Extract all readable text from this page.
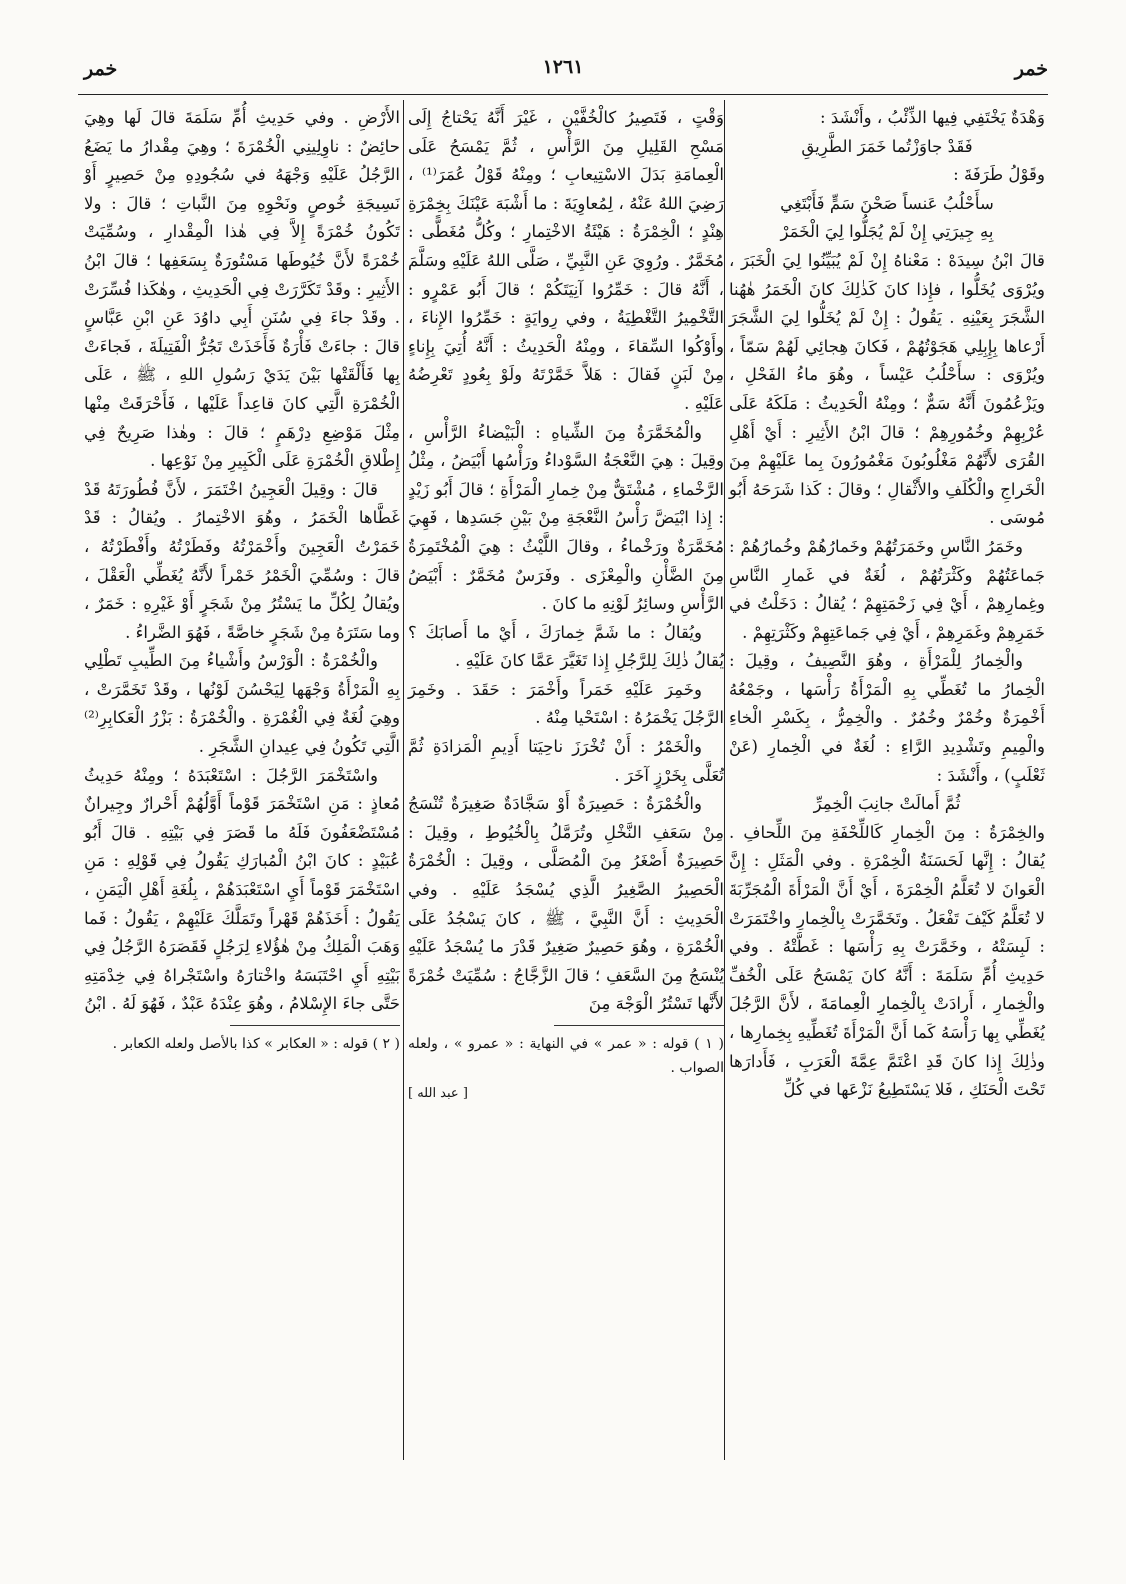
خمر
١٢٦١
خمر

وَهْدَةٌ يَخْتَفِي فِيها الذِّئْبُ ، وأَنْشَدَ :

فَقَدْ جاوَزْتُما خَمَرَ الطَّرِيقِ

وقَوْلُ طَرَفَةَ :

سأَحْلُبُ عَنساً صَحْنَ سَمٍّ فَأَبْتَغِي

بِهِ جِيرَتِي إِنْ لَمْ يُجَلُّوا لِيَ الْخَمَرْ

قالَ ابْنُ سِيدَهْ : مَعْناهُ إِنْ لَمْ يُبَيِّنُوا لِيَ الْخَبَرَ ، ويُرْوَى يُخَلُّوا ، فإِذا كانَ كَذٰلِكَ كانَ الْخَمَرُ هٰهُنا الشَّجَرَ بِعَيْنِهِ . يَقُولُ : إِنْ لَمْ يُخَلُّوا لِيَ الشَّجَرَ أَرْعاها بِإِبِلِي هَجَوْتُهُمْ ، فَكانَ هِجائِي لَهُمْ سَمّاً ، ويُرْوَى : سأَحْلُبُ عَيْساً ، وهُوَ ماءُ الفَحْلِ ، ويَزْعُمُونَ أَنَّهُ سَمٌّ ؛ ومِنْهُ الْحَدِيثُ : مَلَكَهُ عَلَى عُرْبِهِمْ وخُمُورِهِمْ ؛ قالَ ابْنُ الأَثِيرِ : أَيْ أَهْلِ القُرَى لأَنَّهُمْ مَغْلُوبُونَ مَغْمُورُونَ بِما عَلَيْهِمْ مِنَ الْخَراجِ والْكُلَفِ والأَثْقالِ ؛ وقالَ : كَذا شَرَحَهُ أَبُو مُوسَى .

وخَمَرُ النَّاسِ وخَمَرَتُهُمْ وخَمارُهُمْ وخُمارُهُمْ : جَماعَتُهُمْ وكَثْرَتُهُمْ ، لُغَةٌ في غَمارِ النَّاسِ وغِمارِهِمْ ، أَيْ فِي زَحْمَتِهِمْ ؛ يُقالُ : دَخَلْتُ في خَمَرِهِمْ وغَمَرِهِمْ ، أَيْ فِي جَماعَتِهِمْ وكَثْرَتِهِمْ .

والْخِمارُ لِلْمَرْأَةِ ، وهُوَ النَّصِيفُ ، وقِيلَ : الْخِمارُ ما تُغَطِّي بِهِ الْمَرْأَةُ رَأْسَها ، وجَمْعُهُ أَخْمِرَةٌ وخُمْرٌ وخُمُرٌ . والْخِمِرُّ ، بِكَسْرِ الْخاءِ والْمِيمِ وتَشْدِيدِ الرَّاءِ : لُغَةٌ في الْخِمارِ (عَنْ ثَعْلَبٍ) ، وأَنْشَدَ :

ثُمَّ أَمالَتْ جانِبَ الْخِمِرِّ

والخِمْرَةُ : مِنَ الْخِمارِ كَاللِّحْفَةِ مِنَ اللِّحافِ . يُقالُ : إِنَّها لَحَسَنَةُ الْخِمْرَةِ . وفي الْمَثَلِ : إِنَّ الْعَوانَ لا تُعَلَّمُ الْخِمْرَةَ ، أَيْ أَنَّ الْمَرْأَةَ الْمُجَرِّبَةَ لا تُعَلَّمُ كَيْفَ تَفْعَلُ . وتَخَمَّرَتْ بِالْخِمارِ واخْتَمَرَتْ : لَبِسَتْهُ ، وخَمَّرَتْ بِهِ رَأْسَها : غَطَّتْهُ . وفي حَدِيثِ أُمِّ سَلَمَةَ : أَنَّهُ كانَ يَمْسَحُ عَلَى الْخُفِّ والْخِمارِ ، أَرادَتْ بِالْخِمارِ الْعِمامَةَ ، لأَنَّ الرَّجُلَ يُغَطِّي بِها رَأْسَهُ كَما أَنَّ الْمَرْأَةَ تُغَطِّيهِ بِخِمارِها ، وذٰلِكَ إِذا كانَ قَدِ اعْتَمَّ عِمَّةَ الْعَرَبِ ، فَأَدارَها تَحْتَ الْحَنَكِ ، فَلا يَسْتَطِيعُ نَزْعَها في كُلِّ

وَقْتٍ ، فَتَصِيرُ كالْخُفَّيْنِ ، غَيْرَ أَنَّهُ يَحْتاجُ إِلَى مَسْحِ القَلِيلِ مِنَ الرَّأْسِ ، ثُمَّ يَمْسَحُ عَلَى الْعِمامَةِ بَدَلَ الاسْتِيعابِ ؛ ومِنْهُ قَوْلُ عُمَرَ⁽¹⁾ ، رَضِيَ اللهُ عَنْهُ ، لِمُعاوِيَةَ : ما أَشْبَهَ عَيْنَكَ بِخِمْرَةِ هِنْدٍ ؛ الْخِمْرَةُ : هَيْئَةُ الاخْتِمارِ ؛ وكُلُّ مُغَطًّى : مُخَمَّرٌ . ورُوِيَ عَنِ النَّبِيِّ ، صَلَّى اللهُ عَلَيْهِ وسَلَّمَ ، أَنَّهُ قالَ : خَمِّرُوا آنِيَتَكُمْ ؛ قالَ أَبُو عَمْرٍو : التَّخْمِيرُ التَّغْطِيَةُ ، وفي رِوايَةٍ : خَمِّرُوا الإِناءَ ، وأَوْكُوا السِّقاءَ ، ومِنْهُ الْحَدِيثُ : أَنَّهُ أُتِيَ بِإِناءٍ مِنْ لَبَنٍ فَقالَ : هَلاَّ خَمَّرْتَهُ ولَوْ بِعُودٍ تَعْرِضُهُ عَلَيْهِ .

والْمُخَمَّرَةُ مِنَ الشِّياهِ : الْبَيْضاءُ الرَّأْسِ ، وقِيلَ : هِيَ النَّعْجَةُ السَّوْداءُ ورَأْسُها أَبْيَضُ ، مِثْلُ الرَّخْماءِ ، مُشْتَقٌّ مِنْ خِمارِ الْمَرْأَةِ ؛ قالَ أَبُو زَيْدٍ : إِذا ابْيَضَّ رَأْسُ النَّعْجَةِ مِنْ بَيْنِ جَسَدِها ، فَهِيَ مُخَمَّرَةٌ ورَخْماءُ ، وقالَ اللَّيْثُ : هِيَ الْمُخْتَمِرَةُ مِنَ الضَّأْنِ والْمِعْزَى . وفَرَسٌ مُخَمَّرٌ : أَبْيَضُ الرَّأْسِ وسائِرُ لَوْنِهِ ما كانَ .

ويُقالُ : ما شَمَّ خِمارَكَ ، أَيْ ما أَصابَكَ ؟ يُقالُ ذٰلِكَ لِلرَّجُلِ إِذا تَغَيَّرَ عَمَّا كانَ عَلَيْهِ .

وخَمِرَ عَلَيْهِ خَمَراً وأَخْمَرَ : حَقَدَ . وخَمِرَ الرَّجُلَ يَخْمَرُهُ : اسْتَحْيا مِنْهُ .

والْخَمْرُ : أَنْ تُخْرَزَ ناحِيَتا أَدِيمِ الْمَزادَةِ ثُمَّ تُعَلَّى بِخَرْزٍ آخَرَ .

والْخُمْرَةُ : حَصِيرَةٌ أَوْ سَجَّادَةٌ صَغِيرَةٌ تُنْسَجُ مِنْ سَعَفِ النَّخْلِ وتُرَمَّلُ بِالْخُيُوطِ ، وقِيلَ : حَصِيرَةٌ أَصْغَرُ مِنَ الْمُصَلَّى ، وقِيلَ : الْخُمْرَةُ الْحَصِيرُ الصَّغِيرُ الَّذِي يُسْجَدُ عَلَيْهِ . وفي الْحَدِيثِ : أَنَّ النَّبِيَّ ، ﷺ ، كانَ يَسْجُدُ عَلَى الْخُمْرَةِ ، وهُوَ حَصِيرٌ صَغِيرٌ قَدْرَ ما يُسْجَدُ عَلَيْهِ يُنْسَجُ مِنَ السَّعَفِ ؛ قالَ الزَّجَّاجُ : سُمِّيَتْ خُمْرَةً لأَنَّها تَسْتُرُ الْوَجْهَ مِنَ

( ١ ) قوله : « عمر » في النهاية : « عمرو » ، ولعله الصواب .

[ عبد الله ]

الأَرْضِ . وفي حَدِيثِ أُمِّ سَلَمَةَ قالَ لَها وهِيَ حائِضٌ : ناوِلِينِي الْخُمْرَةَ ؛ وهِيَ مِقْدارُ ما يَضَعُ الرَّجُلُ عَلَيْهِ وَجْهَهُ في سُجُودِهِ مِنْ حَصِيرٍ أَوْ نَسِيجَةِ خُوصٍ ونَحْوِهِ مِنَ النَّباتِ ؛ قالَ : ولا تَكُونُ خُمْرَةً إِلاَّ فِي هٰذا الْمِقْدارِ ، وسُمِّيَتْ خُمْرَةً لأَنَّ خُيُوطَها مَسْتُورَةٌ بِسَعَفِها ؛ قالَ ابْنُ الأَثِيرِ : وقَدْ تَكَرَّرَتْ فِي الْحَدِيثِ ، وهٰكَذا فُسِّرَتْ . وقَدْ جاءَ فِي سُنَنِ أَبِي داوُدَ عَنِ ابْنِ عَبَّاسٍ قالَ : جاءَتْ فَأْرَةٌ فَأَخَذَتْ تَجُرُّ الْفَتِيلَةَ ، فَجاءَتْ بِها فَأَلْقَتْها بَيْنَ يَدَيْ رَسُولِ اللهِ ، ﷺ ، عَلَى الْخُمْرَةِ الَّتِي كانَ قاعِداً عَلَيْها ، فَأَحْرَقَتْ مِنْها مِثْلَ مَوْضِعِ دِرْهَمٍ ؛ قالَ : وهٰذا صَرِيحٌ فِي إِطْلاقِ الْخُمْرَةِ عَلَى الْكَبِيرِ مِنْ نَوْعِها .

قالَ : وقِيلَ الْعَجِينُ اخْتَمَرَ ، لأَنَّ فُطُورَتَهُ قَدْ غَطَّاها الْخَمَرُ ، وهُوَ الاخْتِمارُ . ويُقالُ : قَدْ خَمَرْتُ الْعَجِينَ وأَخْمَرْتُهُ وفَطَرْتُهُ وأَفْطَرْتُهُ ، قالَ : وسُمِّيَ الْخَمْرُ خَمْراً لأَنَّهُ يُغَطِّي الْعَقْلَ ، ويُقالُ لِكُلِّ ما يَسْتُرُ مِنْ شَجَرٍ أَوْ غَيْرِهِ : خَمَرٌ ، وما سَتَرَهُ مِنْ شَجَرٍ خاصَّةً ، فَهُوَ الضَّراءُ .

والْخُمْرَةُ : الْوَرْسُ وأَشْياءُ مِنَ الطِّيبِ تَطْلِي بِهِ الْمَرْأَةُ وَجْهَها لِيَحْسُنَ لَوْنُها ، وقَدْ تَخَمَّرَتْ ، وهِيَ لُغَةٌ فِي الْغُمْرَةِ . والْخُمْرَةُ : بَزْرُ الْعَكابِرِ⁽²⁾ الَّتِي تَكُونُ فِي عِيدانِ الشَّجَرِ .

واسْتَخْمَرَ الرَّجُلَ : اسْتَعْبَدَهُ ؛ ومِنْهُ حَدِيثُ مُعاذٍ : مَنِ اسْتَخْمَرَ قَوْماً أَوَّلُهُمْ أَحْرارٌ وجِيرانٌ مُسْتَضْعَفُونَ فَلَهُ ما قَصَرَ فِي بَيْتِهِ . قالَ أَبُو عُبَيْدٍ : كانَ ابْنُ الْمُبارَكِ يَقُولُ فِي قَوْلِهِ : مَنِ اسْتَخْمَرَ قَوْماً أَيِ اسْتَعْبَدَهُمْ ، بِلُغَةِ أَهْلِ الْيَمَنِ ، يَقُولُ : أَخَذَهُمْ قَهْراً وتَمَلَّكَ عَلَيْهِمْ ، يَقُولُ : فَما وَهَبَ الْمَلِكُ مِنْ هٰؤُلاءِ لِرَجُلٍ فَقَصَرَهُ الرَّجُلُ فِي بَيْتِهِ أَيِ احْتَبَسَهُ واخْتارَهُ واسْتَجْراهُ فِي خِدْمَتِهِ حَتَّى جاءَ الإِسْلامُ ، وهُوَ عِنْدَهُ عَبْدٌ ، فَهُوَ لَهُ . ابْنُ

( ٢ ) قوله : « العكابر » كذا بالأصل ولعله الكعابر .
